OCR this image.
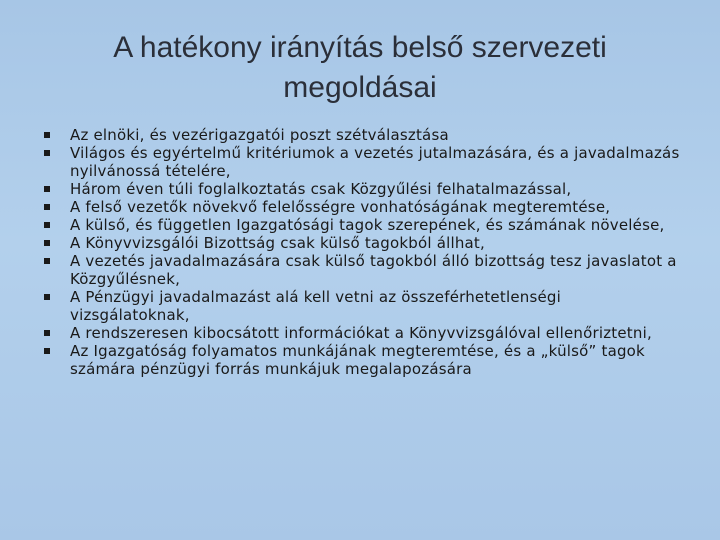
A hatékony irányítás belső szervezeti
megoldásai
Az elnöki, és vezérigazgatói poszt szétválasztása
Világos és egyértelmű kritériumok a vezetés jutalmazására, és a javadalmazás nyilvánossá tételére,
Három éven túli foglalkoztatás csak Közgyűlési felhatalmazással,
A felső vezetők növekvő felelősségre vonhatóságának megteremtése,
A külső, és független Igazgatósági tagok szerepének, és számának növelése,
A Könyvvizsgálói Bizottság csak külső tagokból állhat,
A vezetés javadalmazására csak külső tagokból álló bizottság tesz javaslatot a Közgyűlésnek,
A Pénzügyi javadalmazást alá kell vetni az összeférhetetlenségi vizsgálatoknak,
A rendszeresen kibocsátott információkat a Könyvvizsgálóval ellenőriztetni,
Az Igazgatóság folyamatos munkájának megteremtése, és a „külső” tagok számára pénzügyi forrás munkájuk megalapozására
